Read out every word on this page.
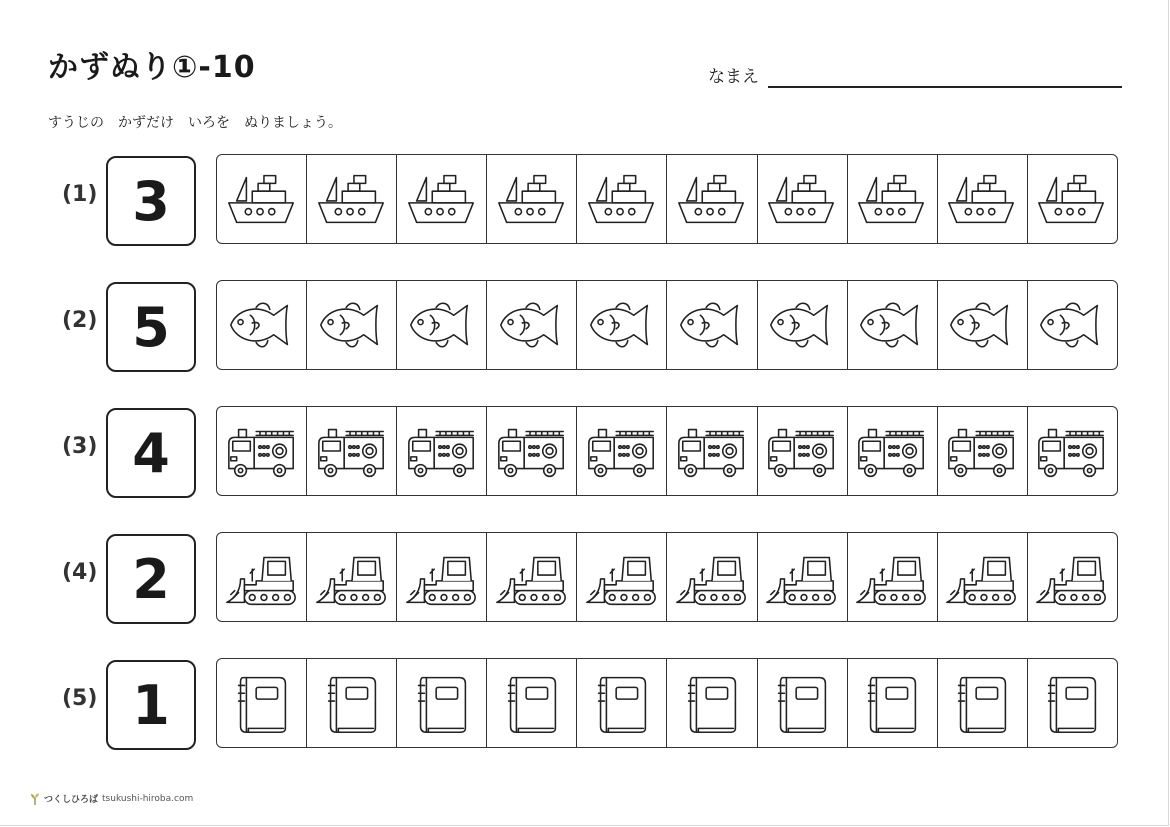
かずぬり①-10	なまえ
すうじの　かずだけ　いろを　ぬりましょう。
(1) 3
(2) 5
(3) 4
(4) 2
(5) 1
つくしひろば tsukushi-hiroba.com
